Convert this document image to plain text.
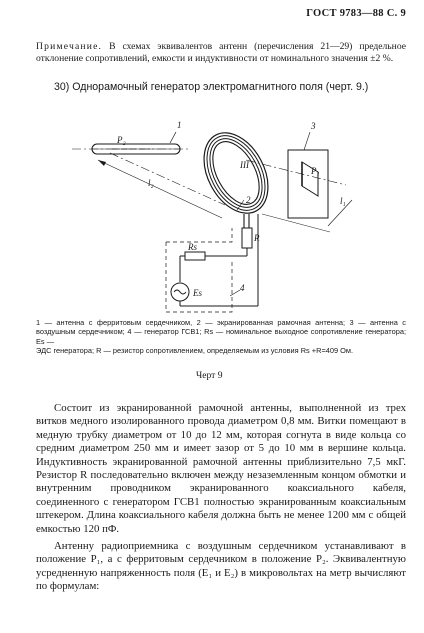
ГОСТ 9783—88 С. 9
Примечание. В схемах эквивалентов антенн (перечисления 21—29) предельное отклонение сопротивлений, емкости и индуктивности от номинального значения ±2 %.
30) Однорамочный генератор электромагнитного поля (черт. 9.)
1
P₂
l₂
2
III
3
P₁
l₁
R
Rs
Es	4
1 — антенна с ферритовым сердечником, 2 — экранированная рамочная антенна; 3 — антенна с воздушным сердечником; 4 — генератор ГСВ1; Rs — номинальное выходное сопротивление генератора; Es —
ЭДС генератора; R — резистор сопротивлением, определяемым из условия Rs +R=409 Ом.
Черт 9

Состоит из экранированной рамочной антенны, выполненной из трех витков медного изолированного провода диаметром 0,8 мм. Витки помещают в медную трубку диаметром от 10 до 12 мм, которая согнута в виде кольца со средним диаметром 250 мм и имеет зазор от 5 до 10 мм в вершине кольца. Индуктивность экранированной рамочной антенны приблизительно 7,5 мкГ. Резистор R последовательно включен между незаземленным концом обмотки и внутренним проводником экранированного коаксиального кабеля, соединенного с генератором ГСВ1 полностью экранированным коаксиальным штекером. Длина коаксиального кабеля должна быть не менее 1200 мм с общей емкостью 120 пФ.

Антенну радиоприемника с воздушным сердечником устанавливают в положение P₁, а с ферритовым сердечником в положение P₂. Эквивалентную усредненную напряженность поля (E₁ и E₂) в микровольтах на метр вычисляют по формулам:
